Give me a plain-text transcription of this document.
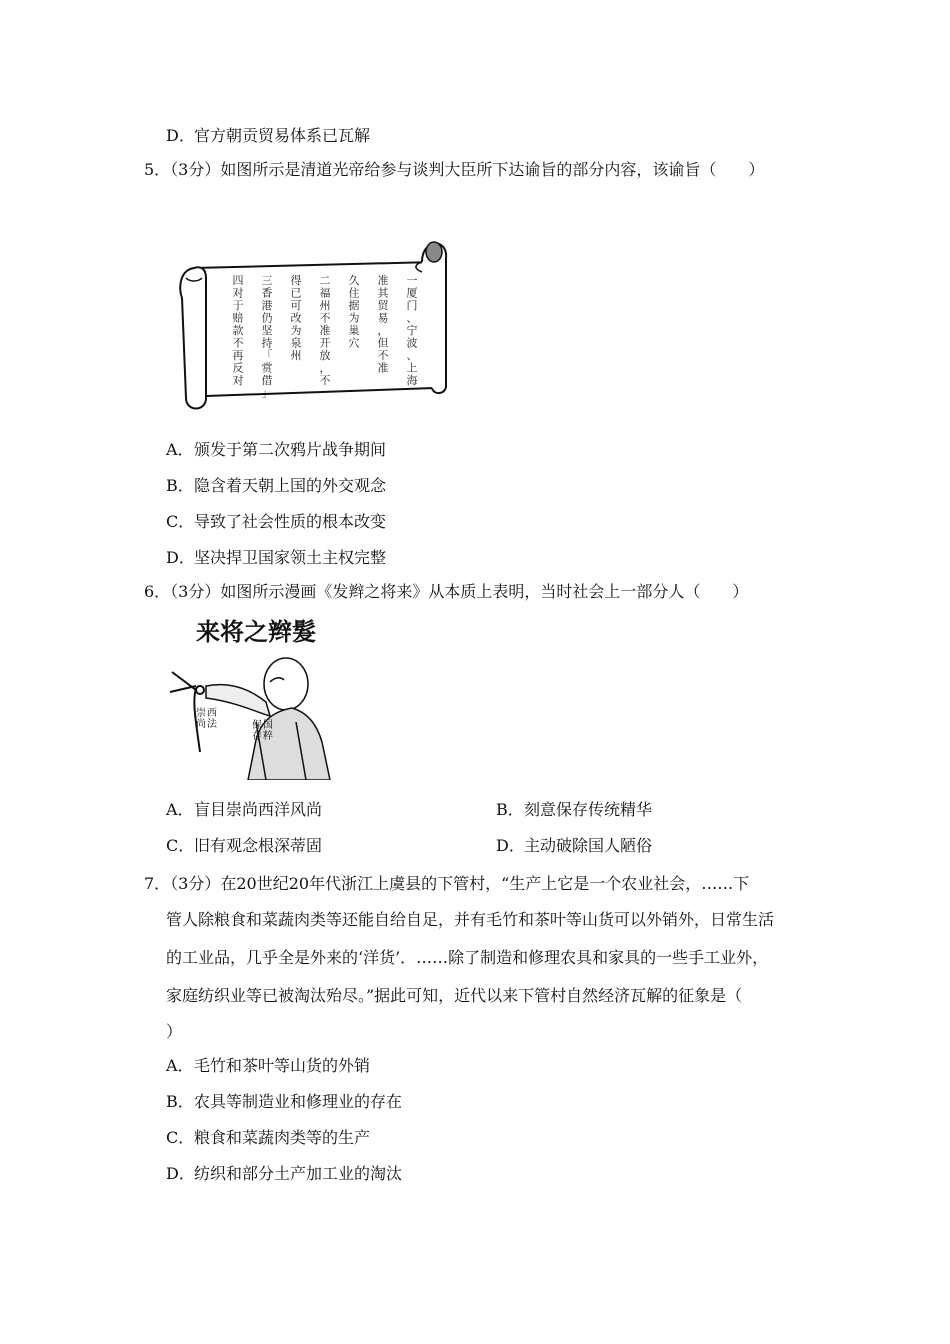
D．官方朝贡贸易体系已瓦解
5．（3分）如图所示是清道光帝给参与谈判大臣所下达谕旨的部分内容，该谕旨（　　）
一厦门、宁波、上海
准其贸易，但不准
久住据为巢穴
二福州不准开放，不
得已可改为泉州
三香港仍坚持「赏借」
四对于赔款不再反对
A．颁发于第二次鸦片战争期间
B．隐含着天朝上国的外交观念
C．导致了社会性质的根本改变
D．坚决捍卫国家领土主权完整
6．（3分）如图所示漫画《发辫之将来》从本质上表明，当时社会上一部分人（　　）
来将之辫髮
崇尚西法	保存国粹
A．盲目崇尚西洋风尚	B．刻意保存传统精华
C．旧有观念根深蒂固	D．主动破除国人陋俗
7．（3分）在20世纪20年代浙江上虞县的下管村，“生产上它是一个农业社会，……下
管人除粮食和菜蔬肉类等还能自给自足，并有毛竹和茶叶等山货可以外销外，日常生活
的工业品，几乎全是外来的‘洋货’．……除了制造和修理农具和家具的一些手工业外，
家庭纺织业等已被淘汰殆尽。”据此可知，近代以来下管村自然经济瓦解的征象是（
）
A．毛竹和茶叶等山货的外销
B．农具等制造业和修理业的存在
C．粮食和菜蔬肉类等的生产
D．纺织和部分土产加工业的淘汰
